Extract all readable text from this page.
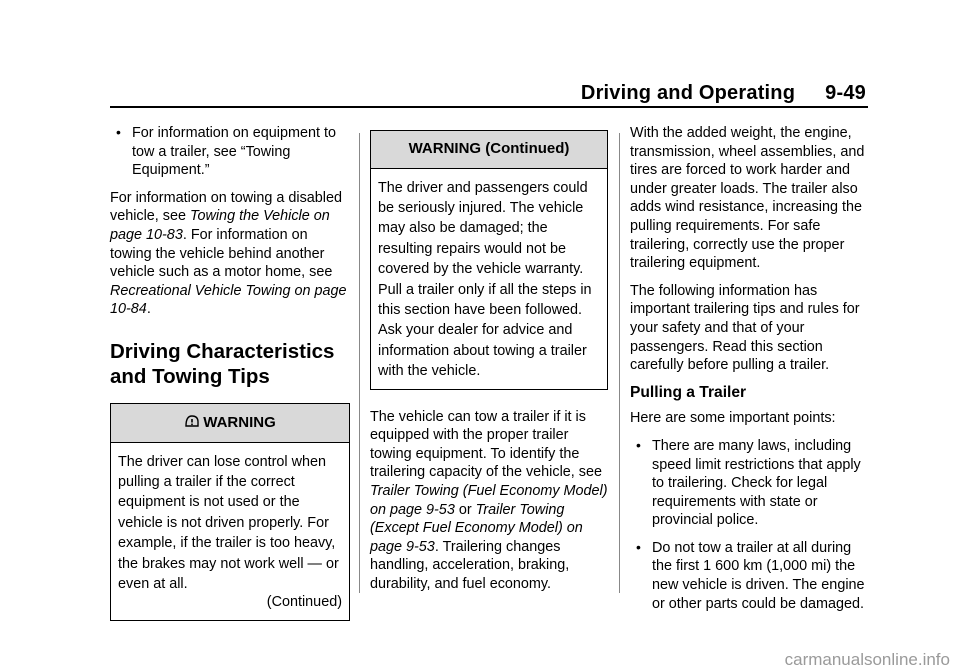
Driving and Operating 9-49
• For information on equipment to tow a trailer, see “Towing Equipment.”

For information on towing a disabled vehicle, see Towing the Vehicle on page 10-83. For information on towing the vehicle behind another vehicle such as a motor home, see Recreational Vehicle Towing on page 10-84.

Driving Characteristics and Towing Tips
WARNING
The driver can lose control when pulling a trailer if the correct equipment is not used or the vehicle is not driven properly. For example, if the trailer is too heavy, the brakes may not work well — or even at all.
(Continued)
WARNING (Continued)
The driver and passengers could be seriously injured. The vehicle may also be damaged; the resulting repairs would not be covered by the vehicle warranty. Pull a trailer only if all the steps in this section have been followed. Ask your dealer for advice and information about towing a trailer with the vehicle.

The vehicle can tow a trailer if it is equipped with the proper trailer towing equipment. To identify the trailering capacity of the vehicle, see Trailer Towing (Fuel Economy Model) on page 9-53 or Trailer Towing (Except Fuel Economy Model) on page 9-53. Trailering changes handling, acceleration, braking, durability, and fuel economy.

With the added weight, the engine, transmission, wheel assemblies, and tires are forced to work harder and under greater loads. The trailer also adds wind resistance, increasing the pulling requirements. For safe trailering, correctly use the proper trailering equipment.

The following information has important trailering tips and rules for your safety and that of your passengers. Read this section carefully before pulling a trailer.

Pulling a Trailer

Here are some important points:

• There are many laws, including speed limit restrictions that apply to trailering. Check for legal requirements with state or provincial police.
• Do not tow a trailer at all during the first 1 600 km (1,000 mi) the new vehicle is driven. The engine or other parts could be damaged.
carmanualsonline.info
